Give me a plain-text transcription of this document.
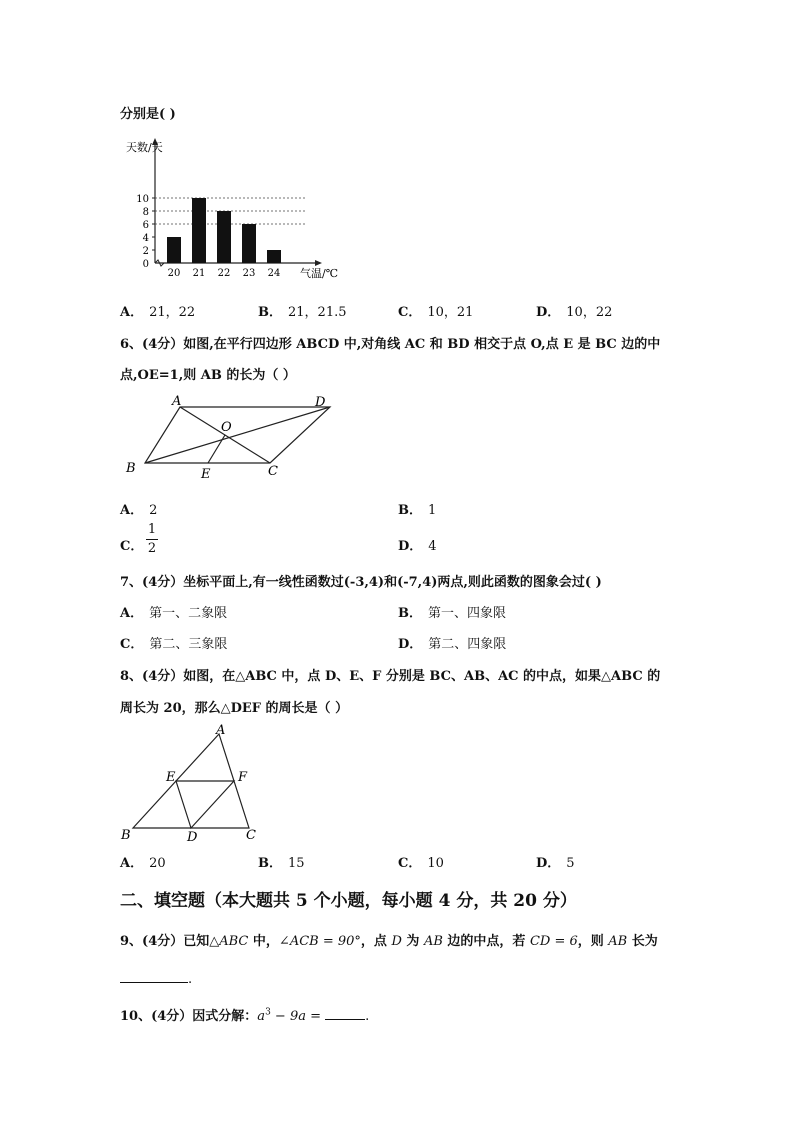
分别是( )
0
2
4
6
8
10
20 21 22 23 24
天数/天
气温/℃
A． 21，22	B． 21，21.5	C． 10，21	D． 10，22
6、(4分）如图,在平行四边形 ABCD 中,对角线 AC 和 BD 相交于点 O,点 E 是 BC 边的中
点,OE=1,则 AB 的长为（ ）
A	D
O
B	E	C
A． 2	B． 1
C．
1
2	D． 4
7、(4分）坐标平面上,有一线性函数过(-3,4)和(-7,4)两点,则此函数的图象会过( )
A． 第一、二象限	B． 第一、四象限
C． 第二、三象限	D． 第二、四象限
8、(4分）如图，在△ABC 中，点 D、E、F 分别是 BC、AB、AC 的中点，如果△ABC 的
周长为 20，那么△DEF 的周长是（ ）
A
E	F
B	D	C
A． 20	B． 15	C． 10	D． 5
二、填空题（本大题共 5 个小题，每小题 4 分，共 20 分）
9、(4分）已知△ABC 中，∠ACB = 90°，点 D 为 AB 边的中点，若 CD = 6，则 AB 长为
.
10、(4分）因式分解：$a^3 - 9a$ =	.
